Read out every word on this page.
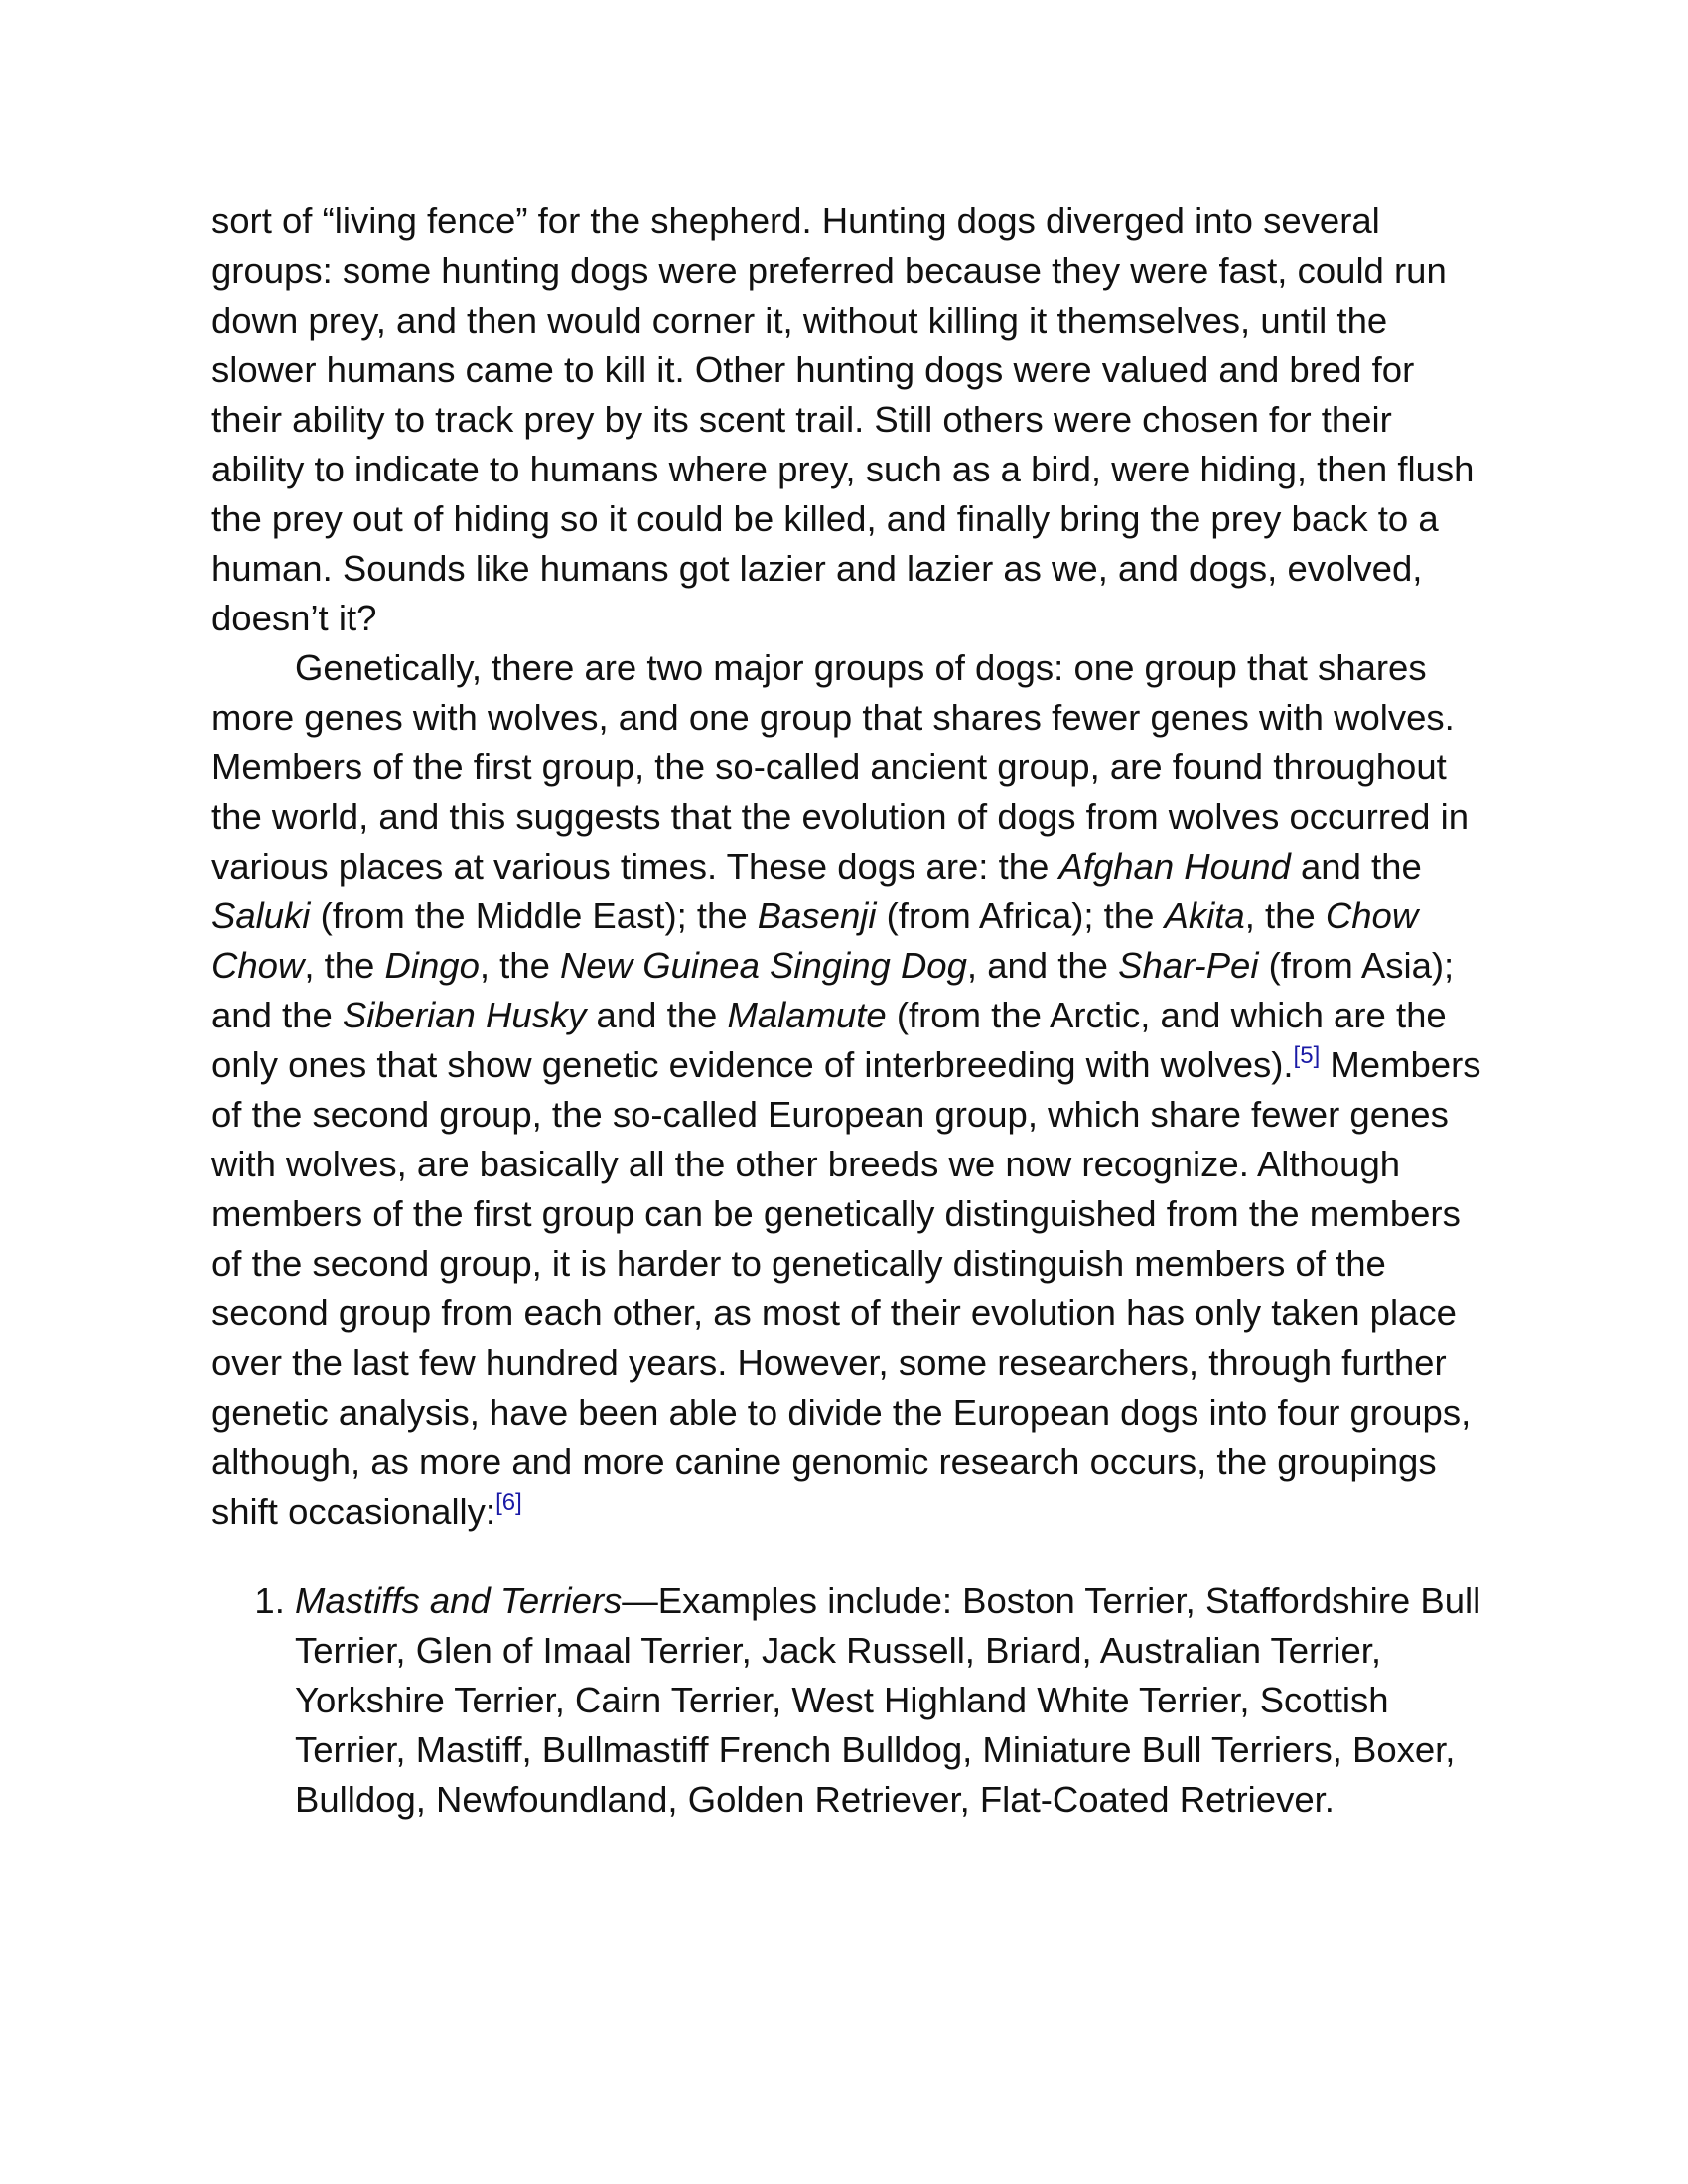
sort of “living fence” for the shepherd. Hunting dogs diverged into several groups: some hunting dogs were preferred because they were fast, could run down prey, and then would corner it, without killing it themselves, until the slower humans came to kill it. Other hunting dogs were valued and bred for their ability to track prey by its scent trail. Still others were chosen for their ability to indicate to humans where prey, such as a bird, were hiding, then flush the prey out of hiding so it could be killed, and finally bring the prey back to a human. Sounds like humans got lazier and lazier as we, and dogs, evolved, doesn’t it?

Genetically, there are two major groups of dogs: one group that shares more genes with wolves, and one group that shares fewer genes with wolves. Members of the first group, the so-called ancient group, are found throughout the world, and this suggests that the evolution of dogs from wolves occurred in various places at various times. These dogs are: the Afghan Hound and the Saluki (from the Middle East); the Basenji (from Africa); the Akita, the Chow Chow, the Dingo, the New Guinea Singing Dog, and the Shar-Pei (from Asia); and the Siberian Husky and the Malamute (from the Arctic, and which are the only ones that show genetic evidence of interbreeding with wolves).[5] Members of the second group, the so-called European group, which share fewer genes with wolves, are basically all the other breeds we now recognize. Although members of the first group can be genetically distinguished from the members of the second group, it is harder to genetically distinguish members of the second group from each other, as most of their evolution has only taken place over the last few hundred years. However, some researchers, through further genetic analysis, have been able to divide the European dogs into four groups, although, as more and more canine genomic research occurs, the groupings shift occasionally:[6]

1. Mastiffs and Terriers—Examples include: Boston Terrier, Staffordshire Bull Terrier, Glen of Imaal Terrier, Jack Russell, Briard, Australian Terrier, Yorkshire Terrier, Cairn Terrier, West Highland White Terrier, Scottish Terrier, Mastiff, Bullmastiff French Bulldog, Miniature Bull Terriers, Boxer, Bulldog, Newfoundland, Golden Retriever, Flat-Coated Retriever.
